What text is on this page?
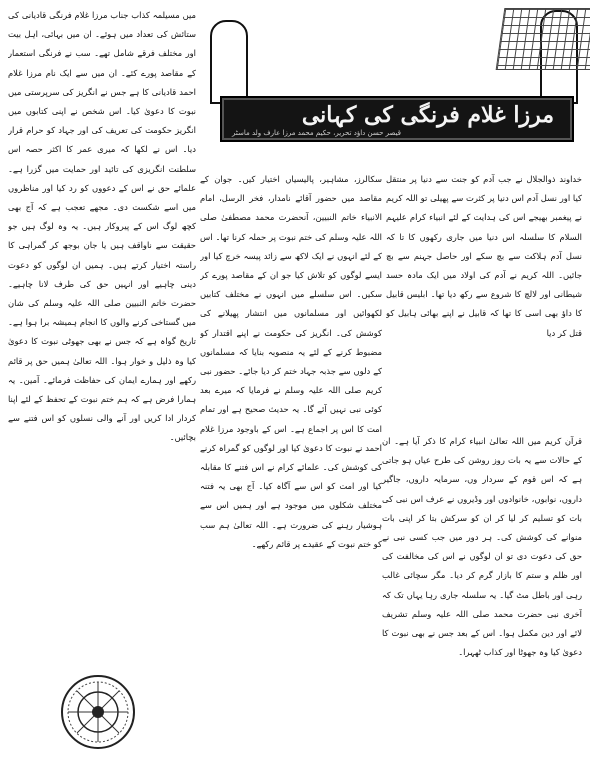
مرزا غلام فرنگی کی کہانی
قیصر حسن داؤد تحریر، حکیم محمد مرزا عارف ولد ماسٹر

خداوند ذوالجلال نے جب آدم کو جنت سے دنیا پر منتقل کیا اور نسل آدم اس دنیا پر کثرت سے پھیلی تو اللہ کریم نے پیغمبر بھیجے اس کی ہدایت کے لئے انبیاء کرام علیہم السلام کا سلسلہ اس دنیا میں جاری رکھوں کا تا کہ نسل آدم ہلاکت سے بچ سکے اور حاصل جہنم سے بچ جائیں۔ اللہ کریم نے آدم کی اولاد میں ایک مادہ حسد شیطانی اور لالچ کا شروع سے رکھ دیا تھا۔ ابلیس قابیل کا داؤ بھی اسی کا تھا کہ قابیل نے اپنے بھائی ہابیل کو قتل کر دیا

قرآن کریم میں اللہ تعالیٰ انبیاء کرام کا ذکر آیا ہے۔ ان کے حالات سے یہ بات روز روشن کی طرح عیاں ہو جاتی ہے کہ اس قوم کے سردار وں، سرمایہ داروں، جاگیر داروں، نوابوں، خانوادوں اور وڈیروں نے عرف اس نبی کی بات کو تسلیم کر لیا کر ان کو سرکش بتا کر اپنی بات منوانے کی کوشش کی۔ ہر دور میں جب کسی نبی نے حق کی دعوت دی تو ان لوگوں نے اس کی مخالفت کی اور ظلم و ستم کا بازار گرم کر دیا۔ مگر سچائی غالب رہی اور باطل مٹ گیا۔ یہ سلسلہ جاری رہا یہاں تک کہ آخری نبی حضرت محمد صلی اللہ علیہ وسلم تشریف لائے اور دین مکمل ہوا۔ اس کے بعد جس نے بھی نبوت کا دعویٰ کیا وہ جھوٹا اور کذاب ٹھہرا۔

سکالرز، مشاہیر، پالیسیاں اختیار کیں۔ جوان کے مقاصد میں حضور آقائے نامدار، فخر الرسل، امام الانبیاء خاتم النبیین، آنحضرت محمد مصطفیٰ صلی اللہ علیہ وسلم کی ختم نبوت پر حملہ کرنا تھا۔ اس کے لئے انہوں نے ایک لاکھ سے زائد پیسہ خرچ کیا اور ایسے لوگوں کو تلاش کیا جو ان کے مقاصد پورے کر سکیں۔ اس سلسلے میں انہوں نے مختلف کتابیں لکھوائیں اور مسلمانوں میں انتشار پھیلانے کی کوشش کی۔ انگریز کی حکومت نے اپنے اقتدار کو مضبوط کرنے کے لئے یہ منصوبہ بنایا کہ مسلمانوں کے دلوں سے جذبہ جہاد ختم کر دیا جائے۔ حضور نبی کریم صلی اللہ علیہ وسلم نے فرمایا کہ میرے بعد کوئی نبی نہیں آئے گا۔ یہ حدیث صحیح ہے اور تمام امت کا اس پر اجماع ہے۔ اس کے باوجود مرزا غلام احمد نے نبوت کا دعویٰ کیا اور لوگوں کو گمراہ کرنے کی کوشش کی۔ علمائے کرام نے اس فتنے کا مقابلہ کیا اور امت کو اس سے آگاہ کیا۔ آج بھی یہ فتنہ مختلف شکلوں میں موجود ہے اور ہمیں اس سے ہوشیار رہنے کی ضرورت ہے۔ اللہ تعالیٰ ہم سب کو ختم نبوت کے عقیدے پر قائم رکھے۔

میں مسیلمہ کذاب جناب مرزا غلام فرنگی قادیانی کی ستائش کی تعداد میں ہوئے۔ ان میں بہائی، اہل بیت اور مختلف فرقے شامل تھے۔ سب نے فرنگی استعمار کے مقاصد پورے کئے۔ ان میں سے ایک نام مرزا غلام احمد قادیانی کا ہے جس نے انگریز کی سرپرستی میں نبوت کا دعویٰ کیا۔ اس شخص نے اپنی کتابوں میں انگریز حکومت کی تعریف کی اور جہاد کو حرام قرار دیا۔ اس نے لکھا کہ میری عمر کا اکثر حصہ اس سلطنت انگریزی کی تائید اور حمایت میں گزرا ہے۔ علمائے حق نے اس کے دعووں کو رد کیا اور مناظروں میں اسے شکست دی۔ مجھے تعجب ہے کہ آج بھی کچھ لوگ اس کے پیروکار ہیں۔ یہ وہ لوگ ہیں جو حقیقت سے ناواقف ہیں یا جان بوجھ کر گمراہی کا راستہ اختیار کرتے ہیں۔ ہمیں ان لوگوں کو دعوت دینی چاہیے اور انہیں حق کی طرف لانا چاہیے۔ حضرت خاتم النبیین صلی اللہ علیہ وسلم کی شان میں گستاخی کرنے والوں کا انجام ہمیشہ برا ہوا ہے۔ تاریخ گواہ ہے کہ جس نے بھی جھوٹی نبوت کا دعویٰ کیا وہ ذلیل و خوار ہوا۔ اللہ تعالیٰ ہمیں حق پر قائم رکھے اور ہمارے ایمان کی حفاظت فرمائے۔ آمین۔ یہ ہمارا فرض ہے کہ ہم ختم نبوت کے تحفظ کے لئے اپنا کردار ادا کریں اور آنے والی نسلوں کو اس فتنے سے بچائیں۔
